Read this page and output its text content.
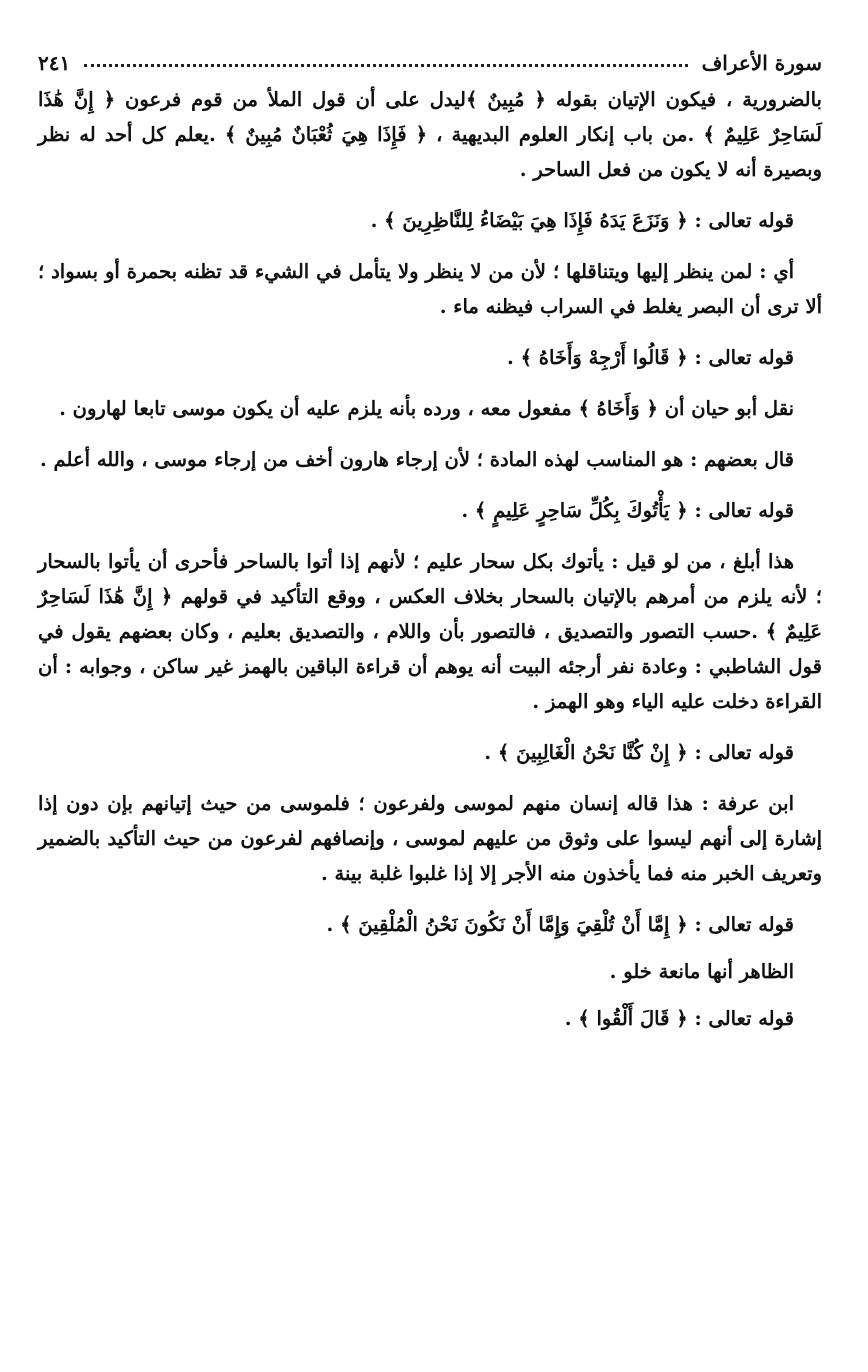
سورة الأعراف
٢٤١

بالضرورية ، فيكون الإتيان بقوله ﴿ مُبِينٌ ﴾ليدل على أن قول الملأ من قوم فرعون ﴿ إِنَّ هَٰذَا لَسَاحِرٌ عَلِيمٌ ﴾ .من باب إنكار العلوم البديهية ، ﴿ فَإِذَا هِيَ ثُعْبَانٌ مُبِينٌ ﴾ .يعلم كل أحد له نظر وبصيرة أنه لا يكون من فعل الساحر .

قوله تعالى : ﴿ وَنَزَعَ يَدَهُ فَإِذَا هِيَ بَيْضَاءُ لِلنَّاظِرِينَ ﴾ .

أي : لمن ينظر إليها ويتناقلها ؛ لأن من لا ينظر ولا يتأمل في الشيء قد تظنه بحمرة أو بسواد ؛ ألا ترى أن البصر يغلط في السراب فيظنه ماء .

قوله تعالى : ﴿ قَالُوا أَرْجِهْ وَأَخَاهُ ﴾ .

نقل أبو حيان أن ﴿ وَأَخَاهُ ﴾ مفعول معه ، ورده بأنه يلزم عليه أن يكون موسى تابعا لهارون .

قال بعضهم : هو المناسب لهذه المادة ؛ لأن إرجاء هارون أخف من إرجاء موسى ، والله أعلم .

قوله تعالى : ﴿ يَأْتُوكَ بِكُلِّ سَاحِرٍ عَلِيمٍ ﴾ .

هذا أبلغ ، من لو قيل : يأتوك بكل سحار عليم ؛ لأنهم إذا أتوا بالساحر فأحرى أن يأتوا بالسحار ؛ لأنه يلزم من أمرهم بالإتيان بالسحار بخلاف العكس ، ووقع التأكيد في قولهم ﴿ إِنَّ هَٰذَا لَسَاحِرٌ عَلِيمٌ ﴾ .حسب التصور والتصديق ، فالتصور بأن واللام ، والتصديق بعليم ، وكان بعضهم يقول في قول الشاطبي : وعادة نفر أرجئه البيت أنه يوهم أن قراءة الباقين بالهمز غير ساكن ، وجوابه : أن القراءة دخلت عليه الياء وهو الهمز .

قوله تعالى : ﴿ إِنْ كُنَّا نَحْنُ الْغَالِبِينَ ﴾ .

ابن عرفة : هذا قاله إنسان منهم لموسى ولفرعون ؛ فلموسى من حيث إتيانهم بإن دون إذا إشارة إلى أنهم ليسوا على وثوق من عليهم لموسى ، وإنصافهم لفرعون من حيث التأكيد بالضمير وتعريف الخبر منه فما يأخذون منه الأجر إلا إذا غلبوا غلبة بينة .

قوله تعالى : ﴿ إِمَّا أَنْ تُلْقِيَ وَإِمَّا أَنْ نَكُونَ نَحْنُ الْمُلْقِينَ ﴾ .

الظاهر أنها مانعة خلو .

قوله تعالى : ﴿ قَالَ أَلْقُوا ﴾ .
